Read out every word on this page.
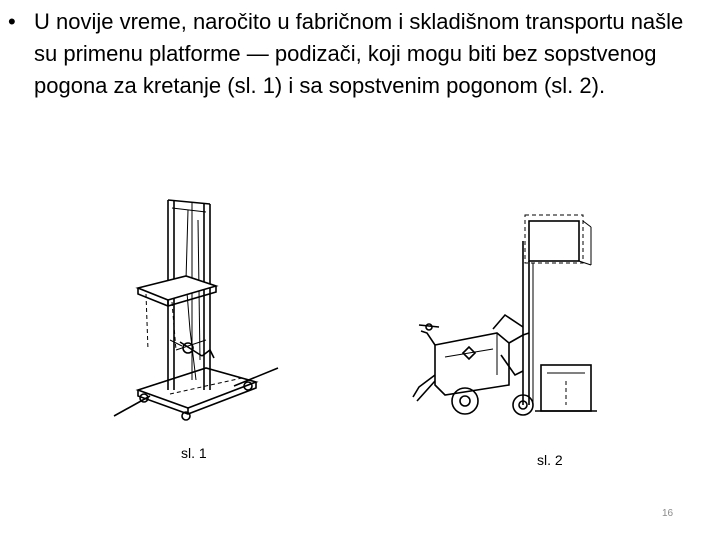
• U novije vreme, naročito u fabričnom i skladišnom transportu našle su primenu platforme — podizači, koji mogu biti bez sopstvenog pogona za kretanje (sl. 1) i sa sopstvenim pogonom (sl. 2).
sl. 1	sl. 2
16
